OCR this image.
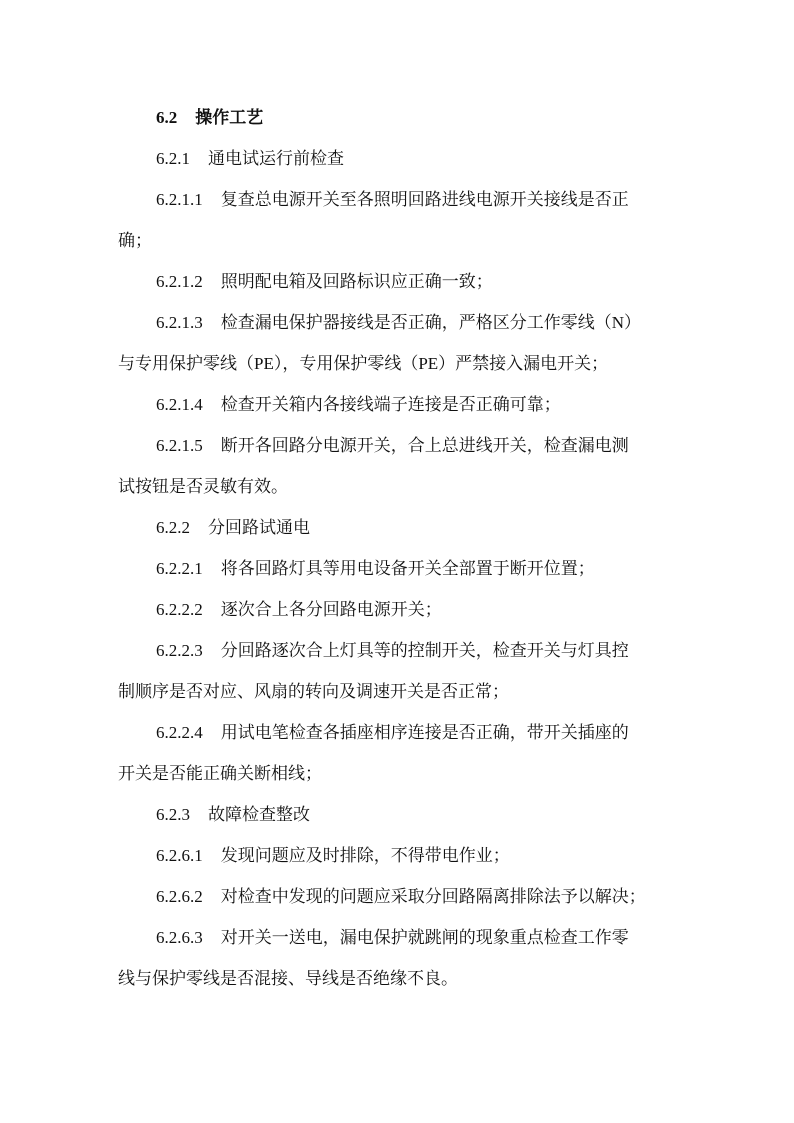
6.2 操作工艺
6.2.1 通电试运行前检查
6.2.1.1 复查总电源开关至各照明回路进线电源开关接线是否正
确；
6.2.1.2 照明配电箱及回路标识应正确一致；
6.2.1.3 检查漏电保护器接线是否正确，严格区分工作零线（N）
与专用保护零线（PE），专用保护零线（PE）严禁接入漏电开关；
6.2.1.4 检查开关箱内各接线端子连接是否正确可靠；
6.2.1.5 断开各回路分电源开关，合上总进线开关，检查漏电测
试按钮是否灵敏有效。
6.2.2 分回路试通电
6.2.2.1 将各回路灯具等用电设备开关全部置于断开位置；
6.2.2.2 逐次合上各分回路电源开关；
6.2.2.3 分回路逐次合上灯具等的控制开关，检查开关与灯具控
制顺序是否对应、风扇的转向及调速开关是否正常；
6.2.2.4 用试电笔检查各插座相序连接是否正确，带开关插座的
开关是否能正确关断相线；
6.2.3 故障检查整改
6.2.6.1 发现问题应及时排除，不得带电作业；
6.2.6.2 对检查中发现的问题应采取分回路隔离排除法予以解决；
6.2.6.3 对开关一送电，漏电保护就跳闸的现象重点检查工作零
线与保护零线是否混接、导线是否绝缘不良。
